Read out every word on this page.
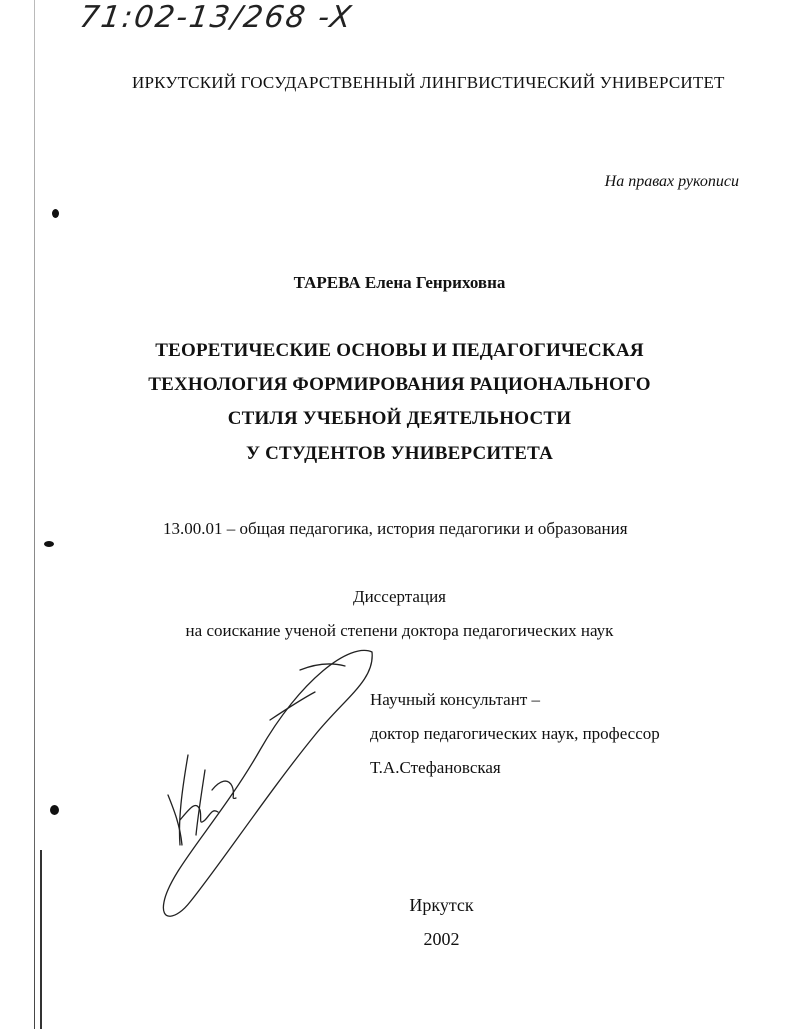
71:02-13/268 -X
ИРКУТСКИЙ ГОСУДАРСТВЕННЫЙ ЛИНГВИСТИЧЕСКИЙ УНИВЕРСИТЕТ
На правах рукописи
ТАРЕВА Елена Генриховна
ТЕОРЕТИЧЕСКИЕ ОСНОВЫ И ПЕДАГОГИЧЕСКАЯ
ТЕХНОЛОГИЯ ФОРМИРОВАНИЯ РАЦИОНАЛЬНОГО
СТИЛЯ УЧЕБНОЙ ДЕЯТЕЛЬНОСТИ
У СТУДЕНТОВ УНИВЕРСИТЕТА
13.00.01 – общая педагогика, история педагогики и образования
Диссертация
на соискание ученой степени доктора педагогических наук
Научный консультант –
доктор педагогических наук, профессор
Т.А.Стефановская
Иркутск
2002
